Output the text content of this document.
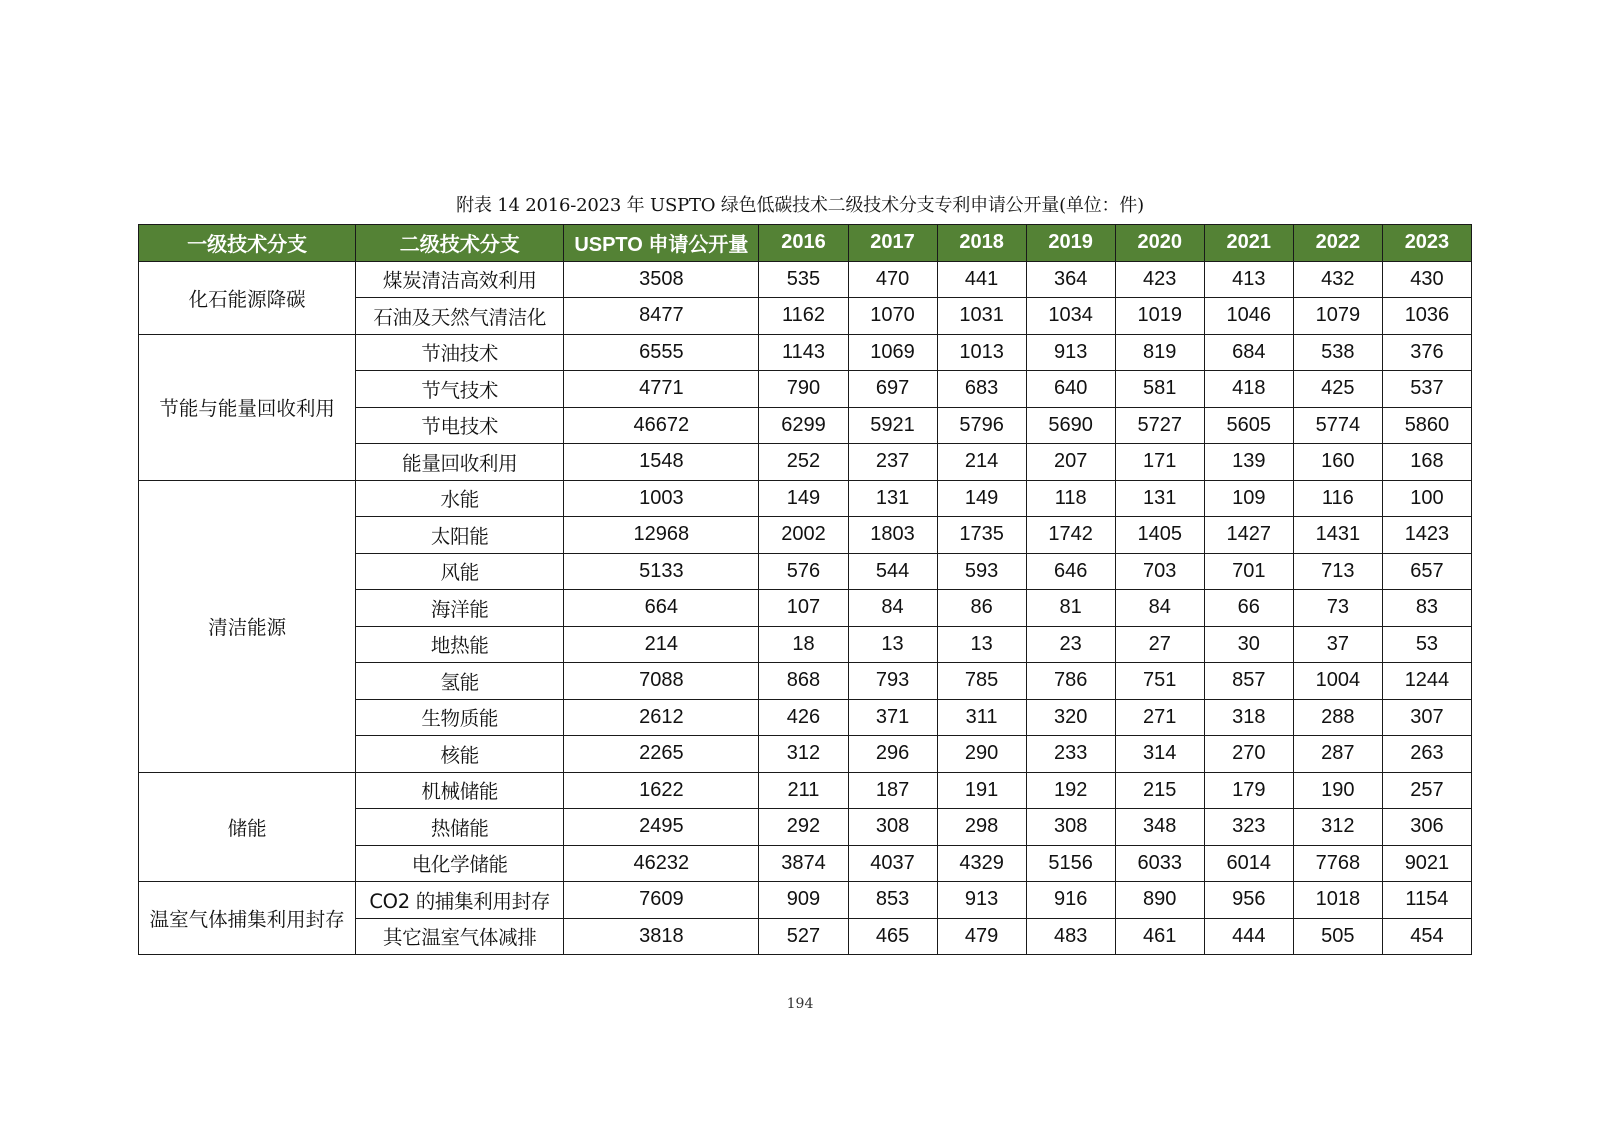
附表 14 2016-2023 年 USPTO 绿色低碳技术二级技术分支专利申请公开量(单位：件)
一级技术分支	二级技术分支	USPTO 申请公开量	2016	2017	2018	2019	2020	2021	2022	2023
化石能源降碳	煤炭清洁高效利用	3508	535	470	441	364	423	413	432	430
	石油及天然气清洁化	8477	1162	1070	1031	1034	1019	1046	1079	1036
节能与能量回收利用	节油技术	6555	1143	1069	1013	913	819	684	538	376
	节气技术	4771	790	697	683	640	581	418	425	537
	节电技术	46672	6299	5921	5796	5690	5727	5605	5774	5860
	能量回收利用	1548	252	237	214	207	171	139	160	168
清洁能源	水能	1003	149	131	149	118	131	109	116	100
	太阳能	12968	2002	1803	1735	1742	1405	1427	1431	1423
	风能	5133	576	544	593	646	703	701	713	657
	海洋能	664	107	84	86	81	84	66	73	83
	地热能	214	18	13	13	23	27	30	37	53
	氢能	7088	868	793	785	786	751	857	1004	1244
	生物质能	2612	426	371	311	320	271	318	288	307
	核能	2265	312	296	290	233	314	270	287	263
储能	机械储能	1622	211	187	191	192	215	179	190	257
	热储能	2495	292	308	298	308	348	323	312	306
	电化学储能	46232	3874	4037	4329	5156	6033	6014	7768	9021
温室气体捕集利用封存	CO2 的捕集利用封存	7609	909	853	913	916	890	956	1018	1154
	其它温室气体减排	3818	527	465	479	483	461	444	505	454
194
